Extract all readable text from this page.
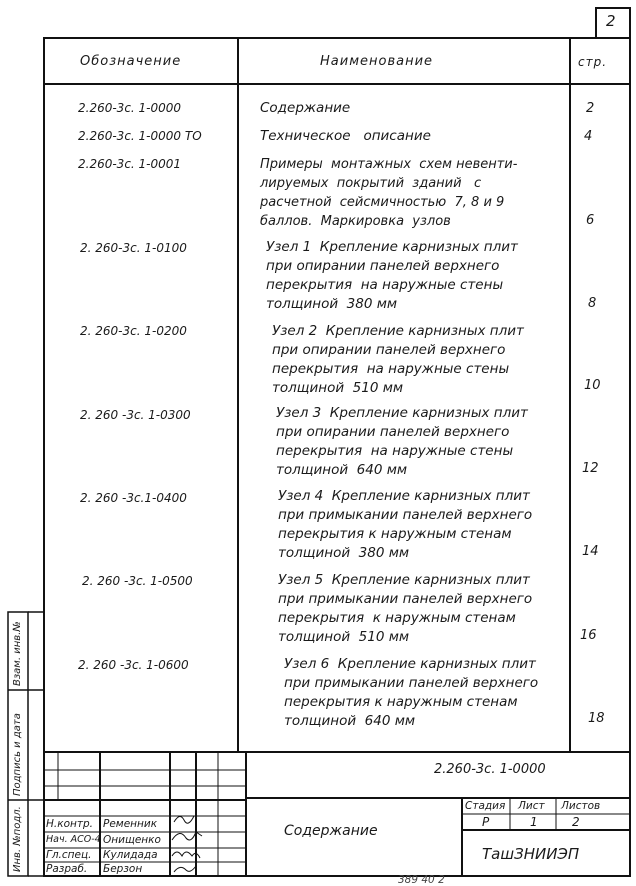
2
Обозначение	Наименование	стр.
2.260-3с. 1-0000	Содержание	2
2.260-3с. 1-0000 ТО	Техническое   описание	4
2.260-3с. 1-0001	Примеры  монтажных  схем невенти-
лируемых  покрытий  зданий   с
расчетной  сейсмичностью  7, 8 и 9
баллов.  Маркировка  узлов	6
2. 260-3с. 1-0100	Узел 1  Крепление карнизных плит
при опирании панелей верхнего
перекрытия  на наружные стены
толщиной  380 мм	8
2. 260-3с. 1-0200	Узел 2  Крепление карнизных плит
при опирании панелей верхнего
перекрытия  на наружные стены
толщиной  510 мм	10
2. 260 -3с. 1-0300	Узел 3  Крепление карнизных плит
при опирании панелей верхнего
перекрытия  на наружные стены
толщиной  640 мм	12
2. 260 -3с.1-0400	Узел 4  Крепление карнизных плит
при примыкании панелей верхнего
перекрытия к наружным стенам
толщиной  380 мм	14
2. 260 -3с. 1-0500	Узел 5  Крепление карнизных плит
при примыкании панелей верхнего
перекрытия  к наружным стенам
толщиной  510 мм	16
2. 260 -3с. 1-0600	Узел 6  Крепление карнизных плит
при примыкании панелей верхнего
перекрытия к наружным стенам
толщиной  640 мм	18
Инв. №подл.
Подпись и дата
Взам. инв.№
2.260-3с. 1-0000
Содержание
Стадия Лист Листов
Р	1	2
ТашЗНИИЭП
Н.контр. Ременник
Нач. АСО-4 Онищенко
Гл.спец. Кулидада
Разраб. Берзон
389 40 2
